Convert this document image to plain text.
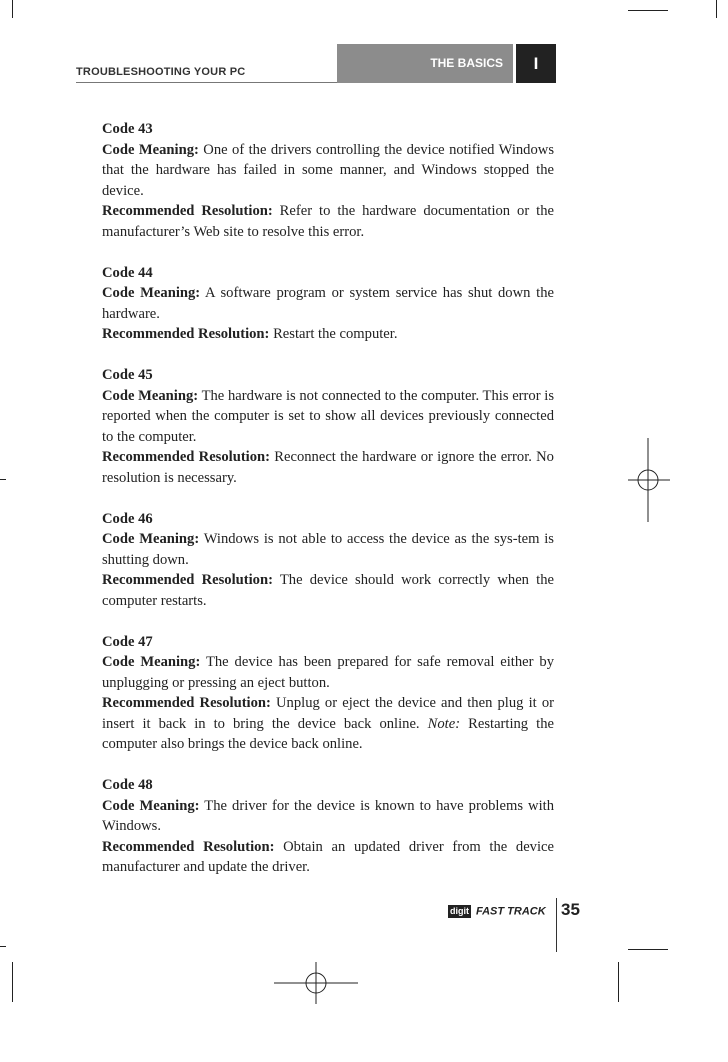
TROUBLESHOOTING YOUR PC
THE BASICS	I

Code 43

Code Meaning: One of the drivers controlling the device notified Windows that the hardware has failed in some manner, and Windows stopped the device.

Recommended Resolution: Refer to the hardware documentation or the manufacturer’s Web site to resolve this error.

Code 44

Code Meaning: A software program or system service has shut down the hardware.

Recommended Resolution: Restart the computer.

Code 45

Code Meaning: The hardware is not connected to the computer. This error is reported when the computer is set to show all devices previously connected to the computer.

Recommended Resolution: Reconnect the hardware or ignore the error. No resolution is necessary.

Code 46

Code Meaning: Windows is not able to access the device as the sys-tem is shutting down.

Recommended Resolution: The device should work correctly when the computer restarts.

Code 47

Code Meaning: The device has been prepared for safe removal either by unplugging or pressing an eject button.

Recommended Resolution: Unplug or eject the device and then plug it or insert it back in to bring the device back online. Note: Restarting the computer also brings the device back online.

Code 48

Code Meaning: The driver for the device is known to have problems with Windows.

Recommended Resolution: Obtain an updated driver from the device manufacturer and update the driver.

digit FAST TRACK 35
